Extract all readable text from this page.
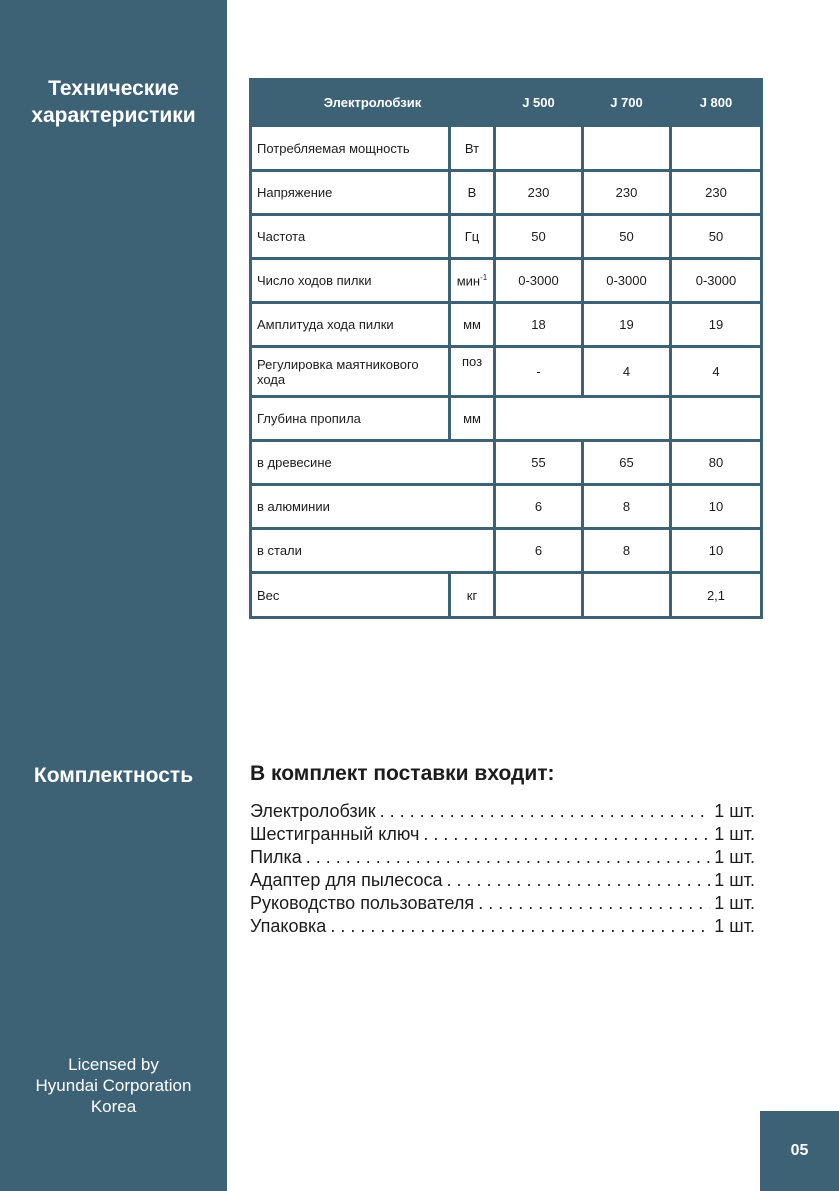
Технические
характеристики
Комплектность
Licensed by
Hyundai Corporation
Korea
Электролобзик		J 500	J 700	J 800
Потребляемая мощность	Вт			
Напряжение	В	230	230	230
Частота	Гц	50	50	50
Число ходов пилки	мин$^{-1}$	0-3000	0-3000	0-3000
Амплитуда хода пилки	мм	18	19	19
Регулировка маятникового хода	поз	-	4	4
Глубина пропила	мм			
в древесине		55	65	80
в алюминии		6	8	10
в стали		6	8	10
Вес	кг			2,1
В комплект поставки входит:
Электролобзик . . .	1 шт.
Шестигранный ключ . . .	1 шт.
Пилка . . .	1 шт.
Адаптер для пылесоса . . .	1 шт.
Руководство пользователя . . .	1 шт.
Упаковка . . .	1 шт.
05
